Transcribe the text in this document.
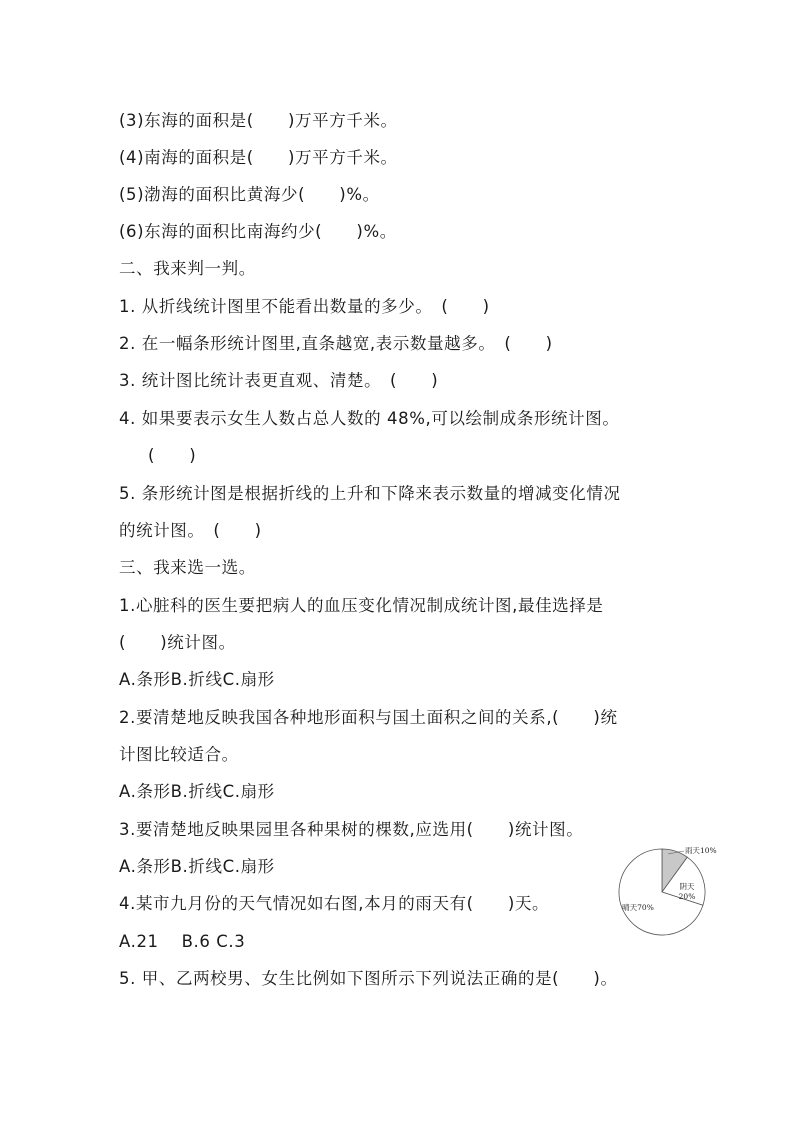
(3)东海的面积是(　　)万平方千米。
(4)南海的面积是(　　)万平方千米。
(5)渤海的面积比黄海少(　　)%。
(6)东海的面积比南海约少(　　)%。
二、我来判一判。
1. 从折线统计图里不能看出数量的多少。　(　　)
2. 在一幅条形统计图里,直条越宽,表示数量越多。　(　　)
3. 统计图比统计表更直观、清楚。　(　　)
4. 如果要表示女生人数占总人数的 48%,可以绘制成条形统计图。
(　　)
5. 条形统计图是根据折线的上升和下降来表示数量的增减变化情况
的统计图。　(　　)
三、我来选一选。
1.心脏科的医生要把病人的血压变化情况制成统计图,最佳选择是
(　　)统计图。
A.条形B.折线C.扇形
2.要清楚地反映我国各种地形面积与国土面积之间的关系,(　　)统
计图比较适合。
A.条形B.折线C.扇形
3.要清楚地反映果园里各种果树的棵数,应选用(　　)统计图。
A.条形B.折线C.扇形
4.某市九月份的天气情况如右图,本月的雨天有(　　)天。
A.21　 B.6 C.3
5. 甲、乙两校男、女生比例如下图所示下列说法正确的是(　　)。
雨天10%
阴天
20%
晴天70%
